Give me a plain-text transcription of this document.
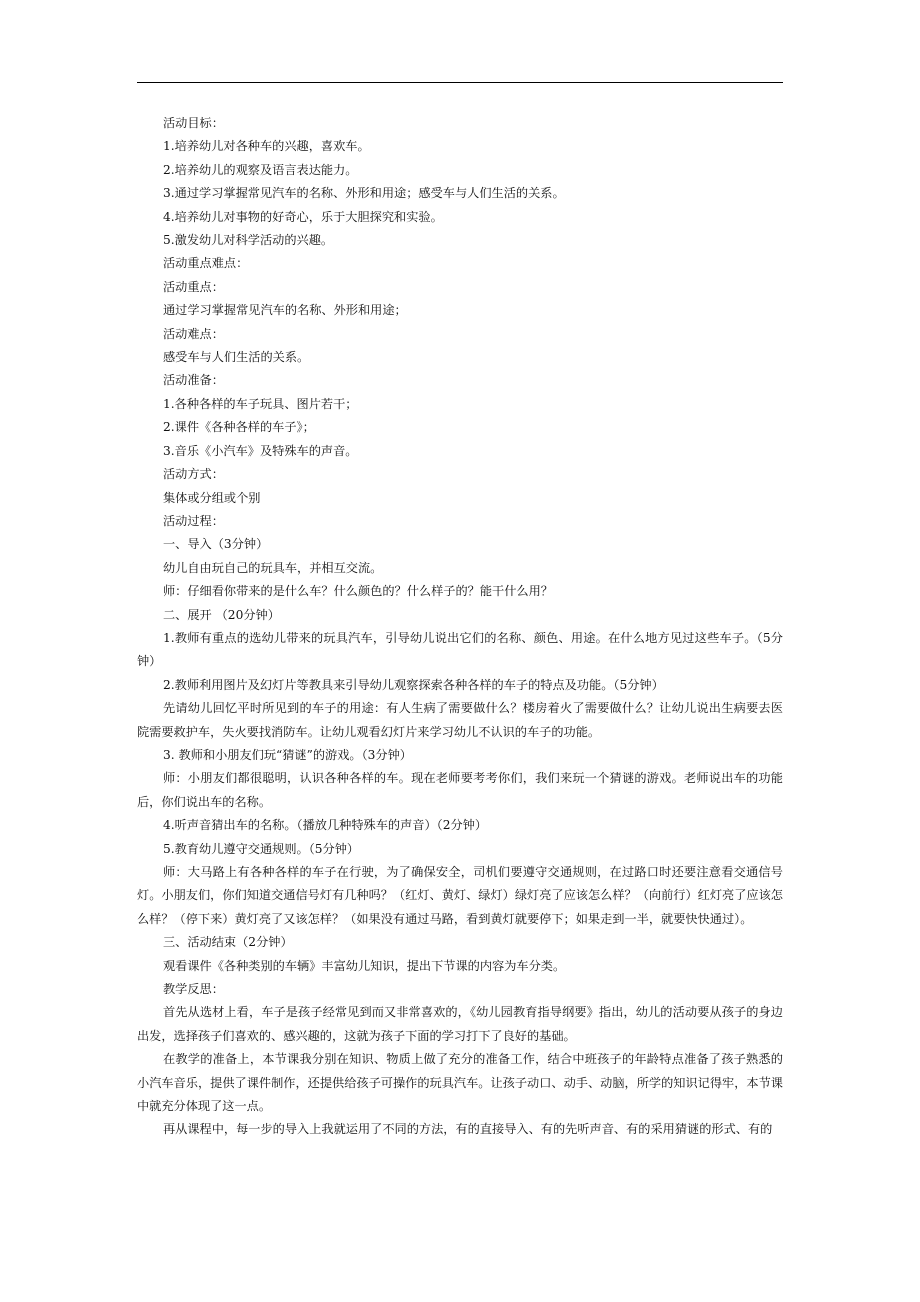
活动目标：

1.培养幼儿对各种车的兴趣，喜欢车。

2.培养幼儿的观察及语言表达能力。

3.通过学习掌握常见汽车的名称、外形和用途；感受车与人们生活的关系。

4.培养幼儿对事物的好奇心，乐于大胆探究和实验。

5.激发幼儿对科学活动的兴趣。

活动重点难点：

活动重点：

通过学习掌握常见汽车的名称、外形和用途；

活动难点：

感受车与人们生活的关系。

活动准备：

1.各种各样的车子玩具、图片若干；

2.课件《各种各样的车子》；

3.音乐《小汽车》及特殊车的声音。

活动方式：

集体或分组或个别

活动过程：

一、导入（3分钟）

幼儿自由玩自己的玩具车，并相互交流。

师：仔细看你带来的是什么车？什么颜色的？什么样子的？能干什么用？

二、展开 （20分钟）

1.教师有重点的选幼儿带来的玩具汽车，引导幼儿说出它们的名称、颜色、用途。在什么地方见过这些车子。（5分钟）

2.教师利用图片及幻灯片等教具来引导幼儿观察探索各种各样的车子的特点及功能。（5分钟）

先请幼儿回忆平时所见到的车子的用途：有人生病了需要做什么？楼房着火了需要做什么？让幼儿说出生病要去医院需要救护车，失火要找消防车。让幼儿观看幻灯片来学习幼儿不认识的车子的功能。

3. 教师和小朋友们玩“猜谜”的游戏。（3分钟）

师：小朋友们都很聪明，认识各种各样的车。现在老师要考考你们，我们来玩一个猜谜的游戏。老师说出车的功能后，你们说出车的名称。

4.听声音猜出车的名称。（播放几种特殊车的声音）（2分钟）

5.教育幼儿遵守交通规则。（5分钟）

师：大马路上有各种各样的车子在行驶，为了确保安全，司机们要遵守交通规则，在过路口时还要注意看交通信号灯。小朋友们，你们知道交通信号灯有几种吗？（红灯、黄灯、绿灯）绿灯亮了应该怎么样？（向前行）红灯亮了应该怎么样？（停下来）黄灯亮了又该怎样？（如果没有通过马路，看到黄灯就要停下；如果走到一半，就要快快通过）。

三、活动结束（2分钟）

观看课件《各种类别的车辆》丰富幼儿知识，提出下节课的内容为车分类。

教学反思：

首先从选材上看，车子是孩子经常见到而又非常喜欢的，《幼儿园教育指导纲要》指出，幼儿的活动要从孩子的身边出发，选择孩子们喜欢的、感兴趣的，这就为孩子下面的学习打下了良好的基础。

在教学的准备上，本节课我分别在知识、物质上做了充分的准备工作，结合中班孩子的年龄特点准备了孩子熟悉的小汽车音乐，提供了课件制作，还提供给孩子可操作的玩具汽车。让孩子动口、动手、动脑，所学的知识记得牢，本节课中就充分体现了这一点。

再从课程中，每一步的导入上我就运用了不同的方法，有的直接导入、有的先听声音、有的采用猜谜的形式、有的
